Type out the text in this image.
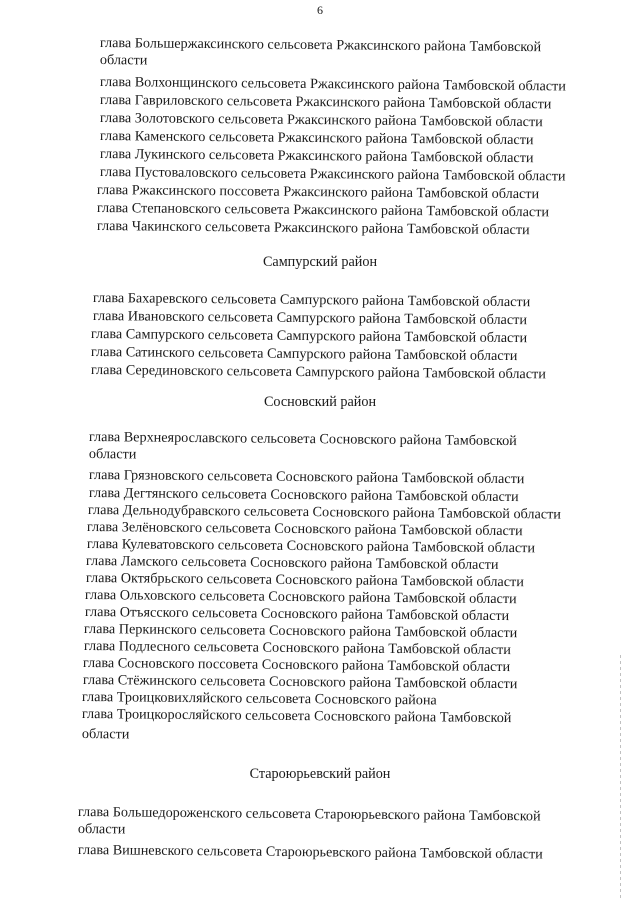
6
глава Большержаксинского сельсовета Ржаксинского района Тамбовской
области
глава Волхонщинского сельсовета Ржаксинского района Тамбовской области
глава Гавриловского сельсовета Ржаксинского района Тамбовской области
глава Золотовского сельсовета Ржаксинского района Тамбовской области
глава Каменского сельсовета Ржаксинского района Тамбовской области
глава Лукинского сельсовета Ржаксинского района Тамбовской области
глава Пустоваловского сельсовета Ржаксинского района Тамбовской области
глава Ржаксинского поссовета Ржаксинского района Тамбовской области
глава Степановского сельсовета Ржаксинского района Тамбовской области
глава Чакинского сельсовета Ржаксинского района Тамбовской области
Сампурский район
глава Бахаревского сельсовета Сампурского района Тамбовской области
глава Ивановского сельсовета Сампурского района Тамбовской области
глава Сампурского сельсовета Сампурского района Тамбовской области
глава Сатинского сельсовета Сампурского района Тамбовской области
глава Серединовского сельсовета Сампурского района Тамбовской области
Сосновский район
глава Верхнеярославского сельсовета Сосновского района Тамбовской
области
глава Грязновского сельсовета Сосновского района Тамбовской области
глава Дегтянского сельсовета Сосновского района Тамбовской области
глава Дельнодубравского сельсовета Сосновского района Тамбовской области
глава Зелёновского сельсовета Сосновского района Тамбовской области
глава Кулеватовского сельсовета Сосновского района Тамбовской области
глава Ламского сельсовета Сосновского района Тамбовской области
глава Октябрьского сельсовета Сосновского района Тамбовской области
глава Ольховского сельсовета Сосновского района Тамбовской области
глава Отъясского сельсовета Сосновского района Тамбовской области
глава Перкинского сельсовета Сосновского района Тамбовской области
глава Подлесного сельсовета Сосновского района Тамбовской области
глава Сосновского поссовета Сосновского района Тамбовской области
глава Стёжинского сельсовета Сосновского района Тамбовской области
глава Троицковихляйского сельсовета Сосновского района
глава Троицкоросляйского сельсовета Сосновского района Тамбовской
области
Староюрьевский район
глава Большедороженского сельсовета Староюрьевского района Тамбовской
области
глава Вишневского сельсовета Староюрьевского района Тамбовской области
